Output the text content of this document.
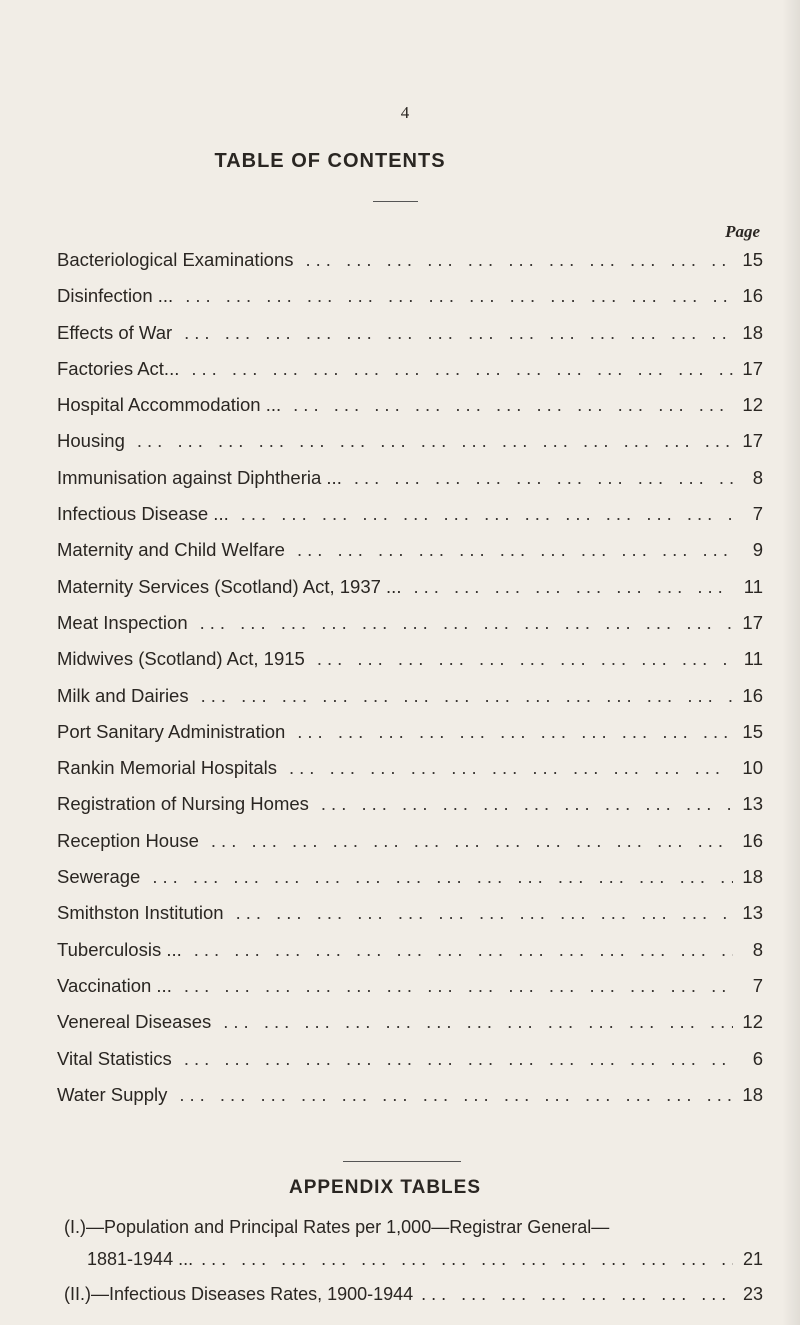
4
TABLE OF CONTENTS
Page
Bacteriological Examinations ... .	15
Disinfection ... ... .	16
Effects of War ... .	18
Factories Act... ... .	17
Hospital Accommodation ... ... .	12
Housing ... .	17
Immunisation against Diphtheria ... ... .	8
Infectious Disease ... ... .	7
Maternity and Child Welfare ... .	9
Maternity Services (Scotland) Act, 1937 ... ... .	11
Meat Inspection ... .	17
Midwives (Scotland) Act, 1915 ... .	11
Milk and Dairies ... .	16
Port Sanitary Administration ... .	15
Rankin Memorial Hospitals ... .	10
Registration of Nursing Homes ... .	13
Reception House ... .	16
Sewerage ... .	18
Smithston Institution ... .	13
Tuberculosis ... ... .	8
Vaccination ... ... .	7
Venereal Diseases ... .	12
Vital Statistics ... .	6
Water Supply ... .	18
APPENDIX TABLES
(I.)—Population and Principal Rates per 1,000—Registrar General—
1881-1944 ... ... .	21
(II.)—Infectious Diseases Rates, 1900-1944 ... .	23
